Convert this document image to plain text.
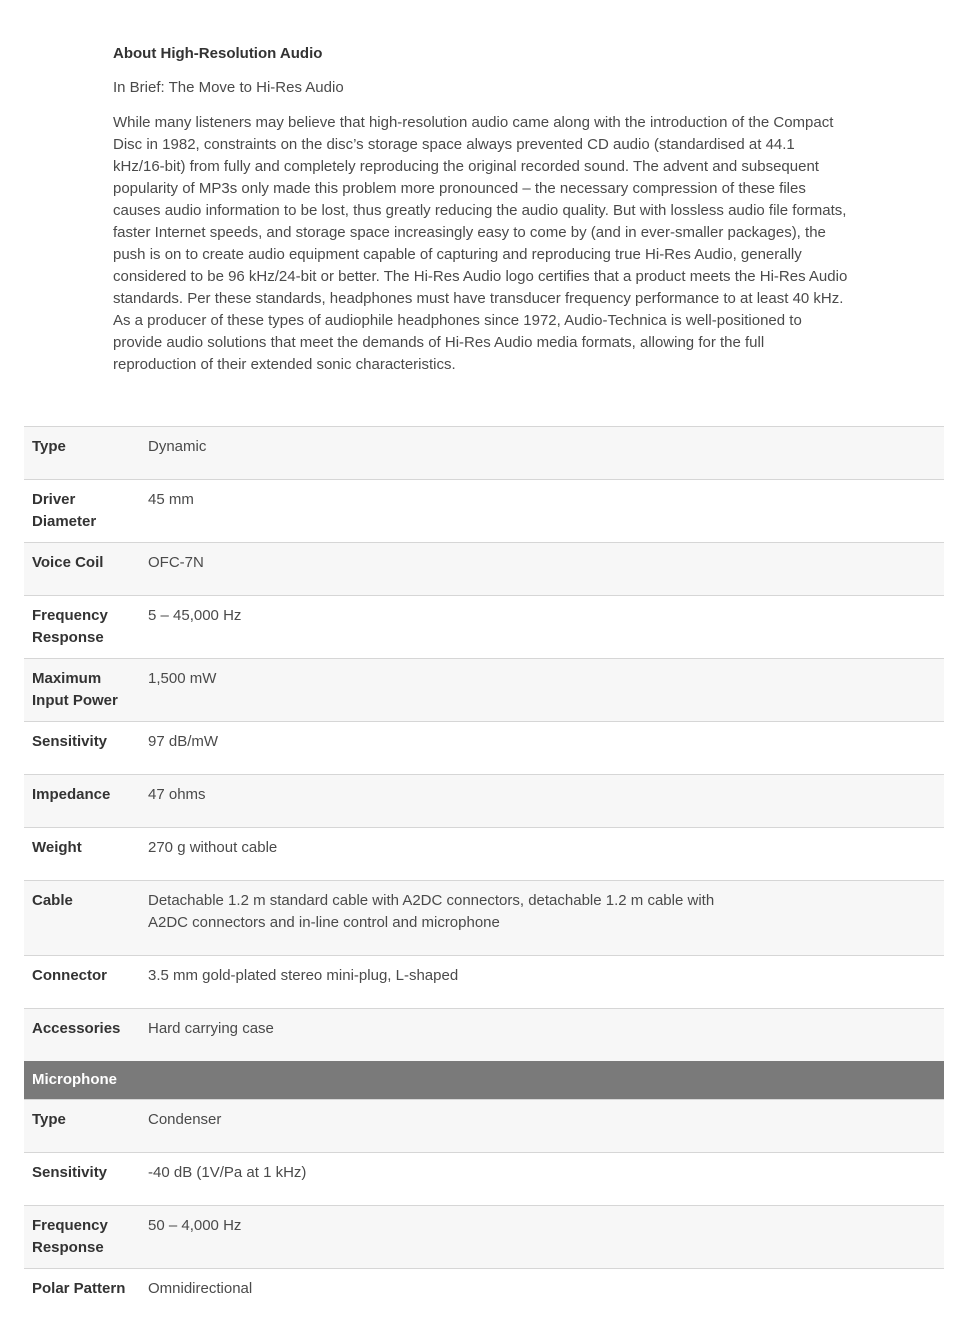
About High-Resolution Audio
In Brief: The Move to Hi-Res Audio

While many listeners may believe that high-resolution audio came along with the introduction of the Compact Disc in 1982, constraints on the disc’s storage space always prevented CD audio (standardised at 44.1 kHz/16-bit) from fully and completely reproducing the original recorded sound. The advent and subsequent popularity of MP3s only made this problem more pronounced – the necessary compression of these files causes audio information to be lost, thus greatly reducing the audio quality. But with lossless audio file formats, faster Internet speeds, and storage space increasingly easy to come by (and in ever-smaller packages), the push is on to create audio equipment capable of capturing and reproducing true Hi-Res Audio, generally considered to be 96 kHz/24-bit or better. The Hi-Res Audio logo certifies that a product meets the Hi-Res Audio standards. Per these standards, headphones must have transducer frequency performance to at least 40 kHz. As a producer of these types of audiophile headphones since 1972, Audio-Technica is well-positioned to provide audio solutions that meet the demands of Hi-Res Audio media formats, allowing for the full reproduction of their extended sonic characteristics.

Type	Dynamic

Driver Diameter	45 mm

Voice Coil	OFC-7N

Frequency Response	5 – 45,000 Hz

Maximum Input Power	1,500 mW

Sensitivity	97 dB/mW

Impedance	47 ohms

Weight	270 g without cable

Cable	Detachable 1.2 m standard cable with A2DC connectors, detachable 1.2 m cable with A2DC connectors and in-line control and microphone

Connector	3.5 mm gold-plated stereo mini-plug, L-shaped

Accessories	Hard carrying case

Microphone	
Type	Condenser

Sensitivity	-40 dB (1V/Pa at 1 kHz)

Frequency Response	50 – 4,000 Hz

Polar Pattern	Omnidirectional
